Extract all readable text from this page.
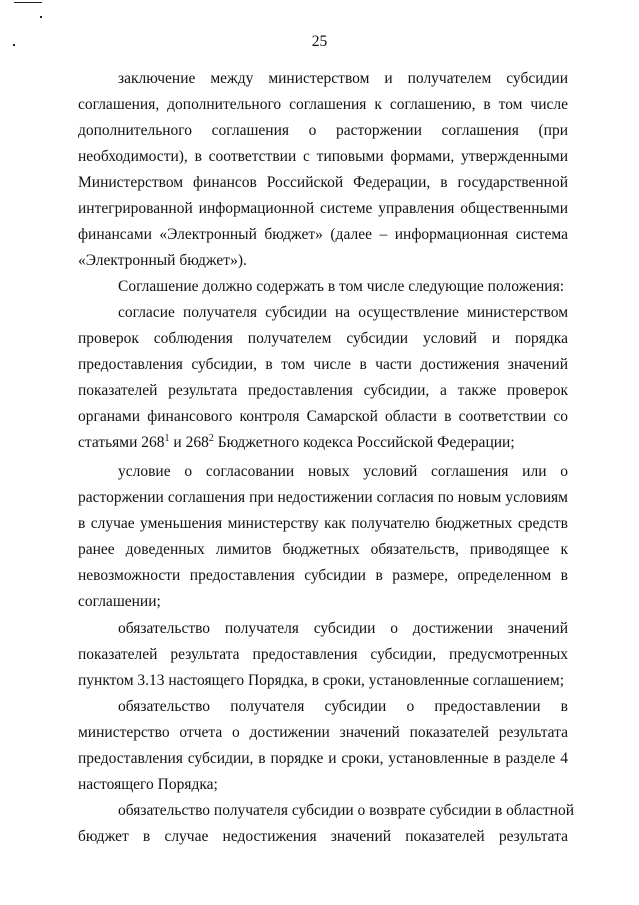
25
заключение между министерством и получателем субсидии
соглашения, дополнительного соглашения к соглашению, в том числе
дополнительного соглашения о расторжении соглашения (при
необходимости), в соответствии с типовыми формами, утвержденными
Министерством финансов Российской Федерации, в государственной
интегрированной информационной системе управления общественными
финансами «Электронный бюджет» (далее – информационная система
«Электронный бюджет»).
Соглашение должно содержать в том числе следующие положения:
согласие получателя субсидии на осуществление министерством
проверок соблюдения получателем субсидии условий и порядка
предоставления субсидии, в том числе в части достижения значений
показателей результата предоставления субсидии, а также проверок
органами финансового контроля Самарской области в соответствии со
статьями $268^1$ и $268^2$ Бюджетного кодекса Российской Федерации;
условие о согласовании новых условий соглашения или о
расторжении соглашения при недостижении согласия по новым условиям
в случае уменьшения министерству как получателю бюджетных средств
ранее доведенных лимитов бюджетных обязательств, приводящее к
невозможности предоставления субсидии в размере, определенном в
соглашении;
обязательство получателя субсидии о достижении значений
показателей результата предоставления субсидии, предусмотренных
пунктом 3.13 настоящего Порядка, в сроки, установленные соглашением;
обязательство получателя субсидии о предоставлении в
министерство отчета о достижении значений показателей результата
предоставления субсидии, в порядке и сроки, установленные в разделе 4
настоящего Порядка;
обязательство получателя субсидии о возврате субсидии в областной
бюджет в случае недостижения значений показателей результата
